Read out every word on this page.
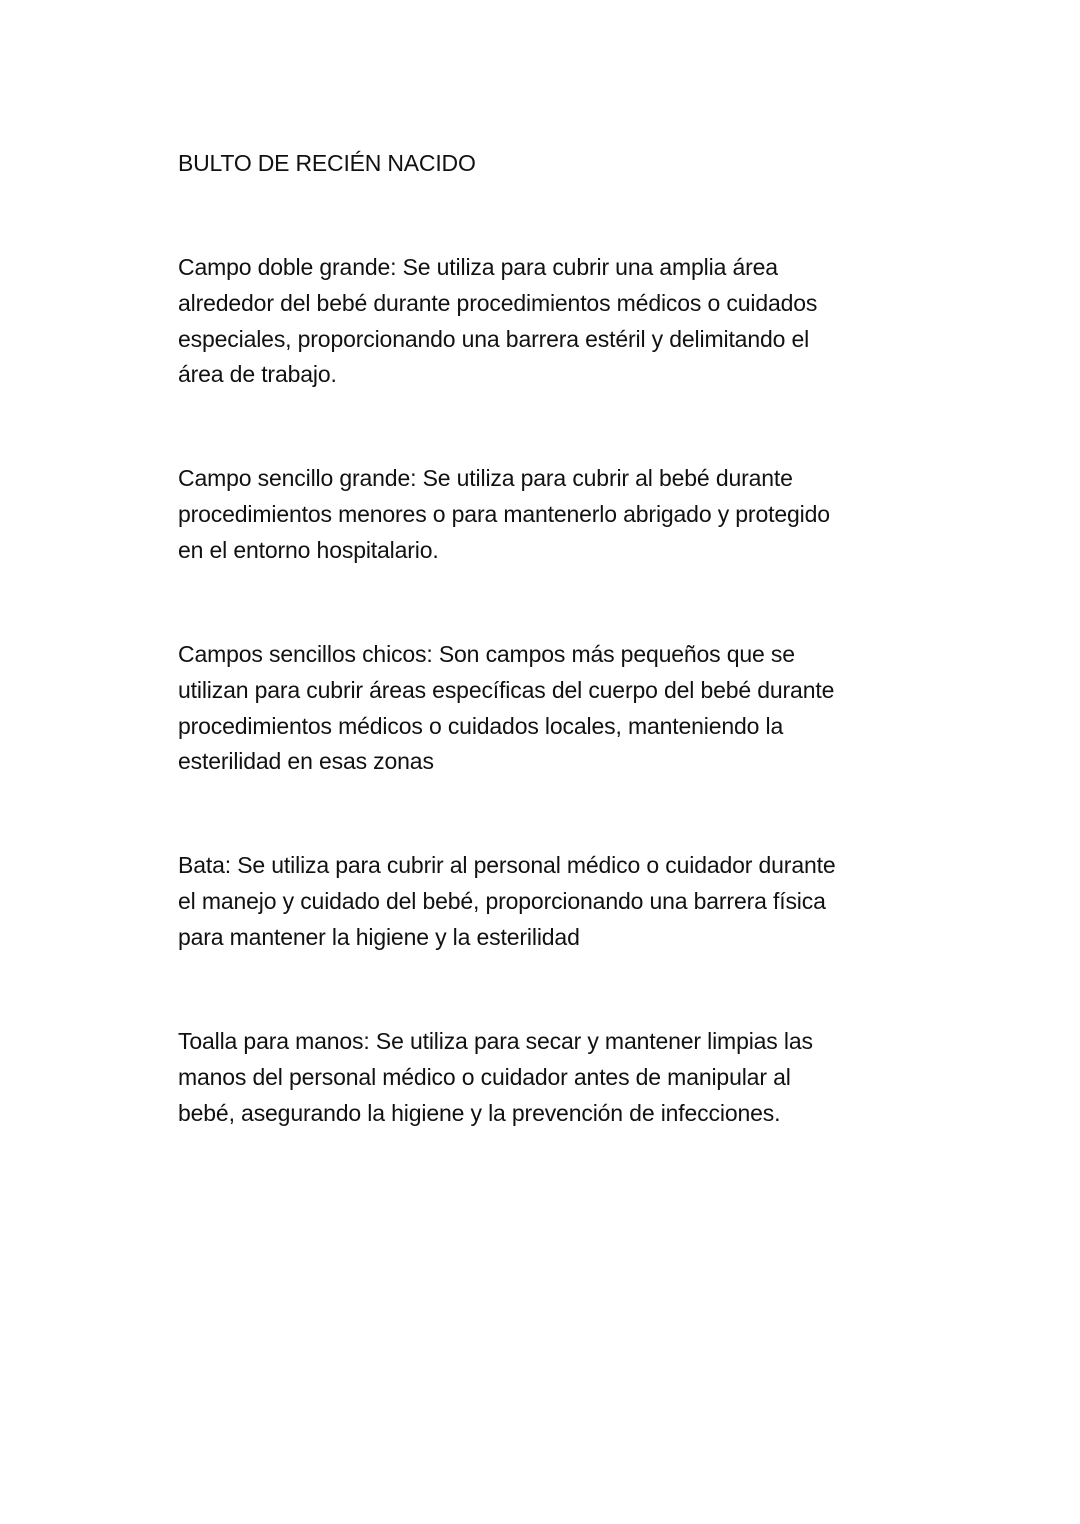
BULTO DE RECIÉN NACIDO
Campo doble grande: Se utiliza para cubrir una amplia área
alrededor del bebé durante procedimientos médicos o cuidados
especiales, proporcionando una barrera estéril y delimitando el
área de trabajo.
Campo sencillo grande: Se utiliza para cubrir al bebé durante
procedimientos menores o para mantenerlo abrigado y protegido
en el entorno hospitalario.
Campos sencillos chicos: Son campos más pequeños que se
utilizan para cubrir áreas específicas del cuerpo del bebé durante
procedimientos médicos o cuidados locales, manteniendo la
esterilidad en esas zonas
Bata: Se utiliza para cubrir al personal médico o cuidador durante
el manejo y cuidado del bebé, proporcionando una barrera física
para mantener la higiene y la esterilidad
Toalla para manos: Se utiliza para secar y mantener limpias las
manos del personal médico o cuidador antes de manipular al
bebé, asegurando la higiene y la prevención de infecciones.
